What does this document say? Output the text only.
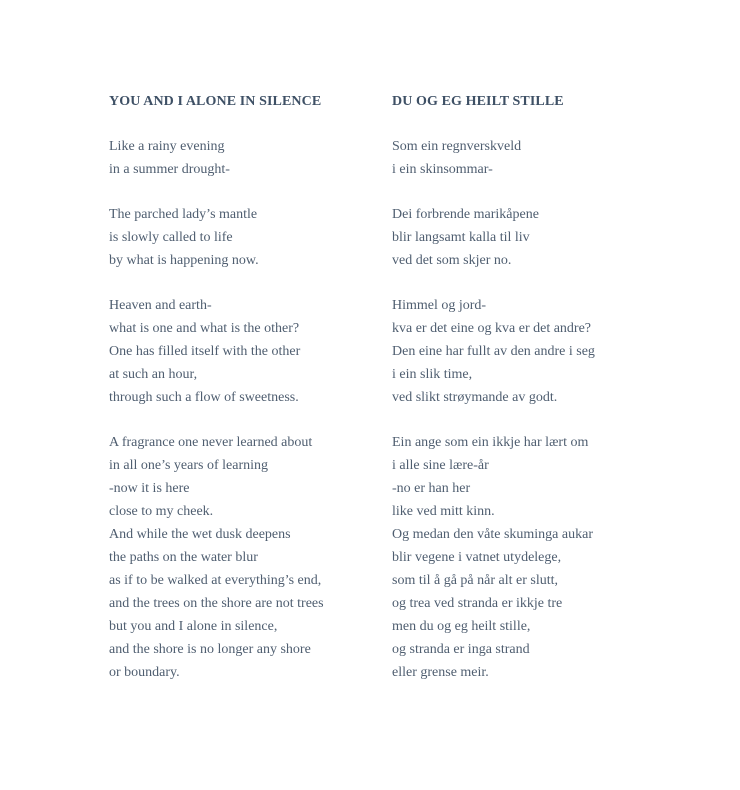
YOU AND I ALONE IN SILENCE
Like a rainy evening
in a summer drought-
The parched lady’s mantle
is slowly called to life
by what is happening now.
Heaven and earth-
what is one and what is the other?
One has filled itself with the other
at such an hour,
through such a flow of sweetness.
A fragrance one never learned about
in all one’s years of learning
-now it is here
close to my cheek.
And while the wet dusk deepens
the paths on the water blur
as if to be walked at everything’s end,
and the trees on the shore are not trees
but you and I alone in silence,
and the shore is no longer any shore
or boundary.
DU OG EG HEILT STILLE
Som ein regnverskveld
i ein skinsommar-
Dei forbrende marikåpene
blir langsamt kalla til liv
ved det som skjer no.
Himmel og jord-
kva er det eine og kva er det andre?
Den eine har fullt av den andre i seg
i ein slik time,
ved slikt strøymande av godt.
Ein ange som ein ikkje har lært om
i alle sine lære-år
-no er han her
like ved mitt kinn.
Og medan den våte skuminga aukar
blir vegene i vatnet utydelege,
som til å gå på når alt er slutt,
og trea ved stranda er ikkje tre
men du og eg heilt stille,
og stranda er inga strand
eller grense meir.
